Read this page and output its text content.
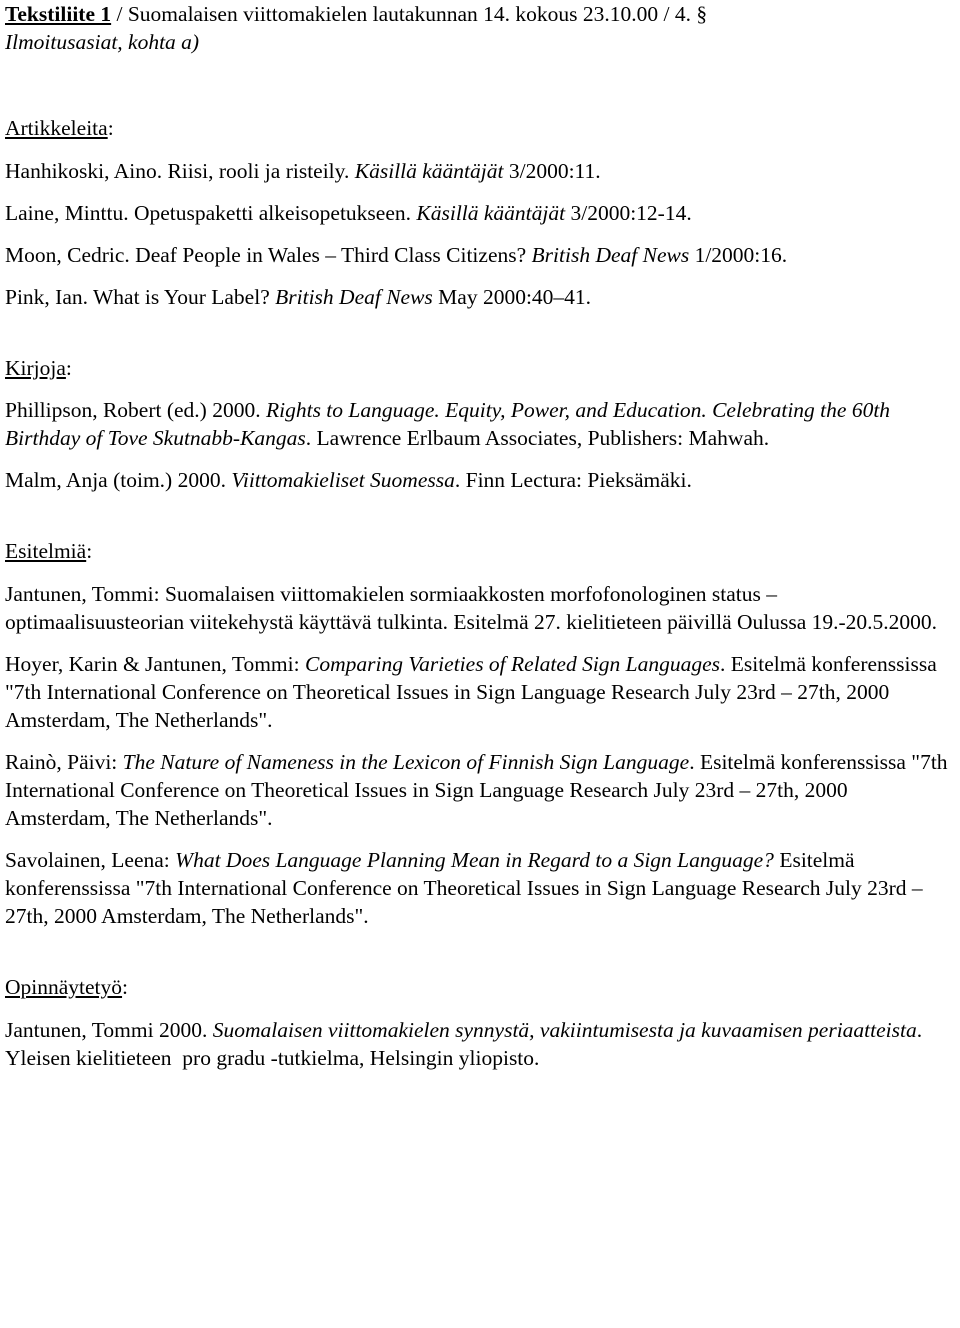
Tekstiliite 1 / Suomalaisen viittomakielen lautakunnan 14. kokous 23.10.00 / 4. §
Ilmoitusasiat, kohta a)

Artikkeleita:

Hanhikoski, Aino. Riisi, rooli ja risteily. Käsillä kääntäjät 3/2000:11.

Laine, Minttu. Opetuspaketti alkeisopetukseen. Käsillä kääntäjät 3/2000:12-14.

Moon, Cedric. Deaf People in Wales – Third Class Citizens? British Deaf News 1/2000:16.

Pink, Ian. What is Your Label? British Deaf News May 2000:40–41.

Kirjoja:

Phillipson, Robert (ed.) 2000. Rights to Language. Equity, Power, and Education. Celebrating the 60th Birthday of Tove Skutnabb-Kangas. Lawrence Erlbaum Associates, Publishers: Mahwah.

Malm, Anja (toim.) 2000. Viittomakieliset Suomessa. Finn Lectura: Pieksämäki.

Esitelmiä:

Jantunen, Tommi: Suomalaisen viittomakielen sormiaakkosten morfofonologinen status – optimaalisuusteorian viitekehystä käyttävä tulkinta. Esitelmä 27. kielitieteen päivillä Oulussa 19.-20.5.2000.

Hoyer, Karin & Jantunen, Tommi: Comparing Varieties of Related Sign Languages. Esitelmä konferenssissa "7th International Conference on Theoretical Issues in Sign Language Research July 23rd – 27th, 2000 Amsterdam, The Netherlands".

Rainò, Päivi: The Nature of Nameness in the Lexicon of Finnish Sign Language. Esitelmä konferenssissa "7th International Conference on Theoretical Issues in Sign Language Research July 23rd – 27th, 2000 Amsterdam, The Netherlands".

Savolainen, Leena: What Does Language Planning Mean in Regard to a Sign Language? Esitelmä konferenssissa "7th International Conference on Theoretical Issues in Sign Language Research July 23rd – 27th, 2000 Amsterdam, The Netherlands".

Opinnäytetyö:

Jantunen, Tommi 2000. Suomalaisen viittomakielen synnystä, vakiintumisesta ja kuvaamisen periaatteista. Yleisen kielitieteen  pro gradu -tutkielma, Helsingin yliopisto.
